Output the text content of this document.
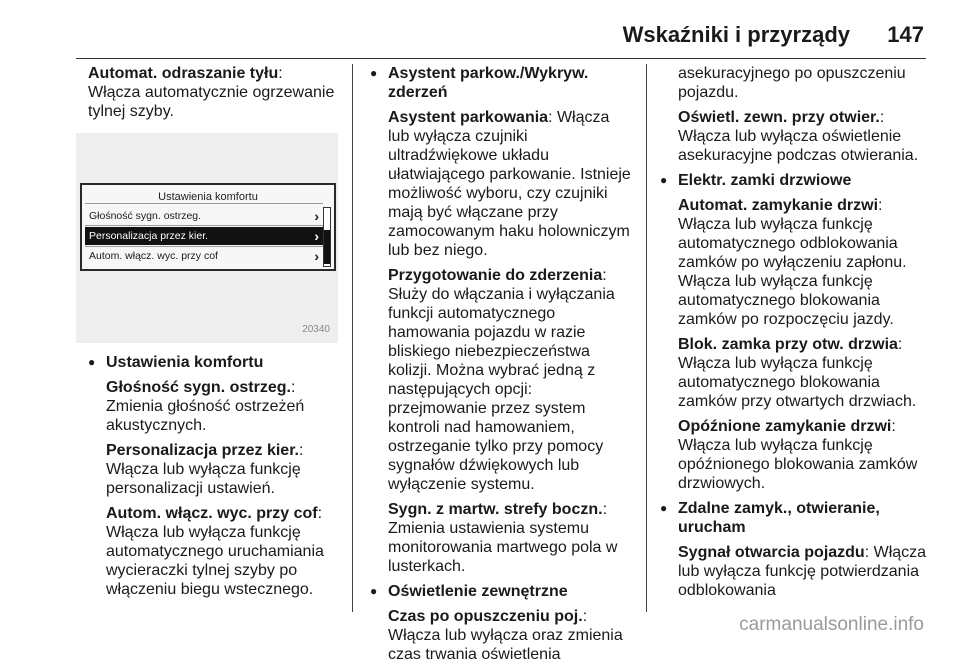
Wskaźniki i przyrządy 147
Automat. odraszanie tyłu:
Włącza automatycznie ogrzewanie tylnej szyby.
Ustawienia komfortu
Głośność sygn. ostrzeg.	›
Personalizacja przez kier.	›
Autom. włącz. wyc. przy cof	›
20340
● Ustawienia komfortu
Głośność sygn. ostrzeg.:
Zmienia głośność ostrzeżeń akustycznych.
Personalizacja przez kier.:
Włącza lub wyłącza funkcję personalizacji ustawień.
Autom. włącz. wyc. przy cof:
Włącza lub wyłącza funkcję automatycznego uruchamiania wycieraczki tylnej szyby po włączeniu biegu wstecznego.
● Asystent parkow./Wykryw. zderzeń
Asystent parkowania: Włącza lub wyłącza czujniki ultradźwiękowe układu ułatwiającego parkowanie. Istnieje możliwość wyboru, czy czujniki mają być włączane przy zamocowanym haku holowniczym lub bez niego.
Przygotowanie do zderzenia:
Służy do włączania i wyłączania funkcji automatycznego hamowania pojazdu w razie bliskiego niebezpieczeństwa kolizji. Można wybrać jedną z następujących opcji: przejmowanie przez system kontroli nad hamowaniem, ostrzeganie tylko przy pomocy sygnałów dźwiękowych lub wyłączenie systemu.
Sygn. z martw. strefy boczn.:
Zmienia ustawienia systemu monitorowania martwego pola w lusterkach.
● Oświetlenie zewnętrzne
Czas po opuszczeniu poj.:
Włącza lub wyłącza oraz zmienia czas trwania oświetlenia
asekuracyjnego po opuszczeniu pojazdu.
Oświetl. zewn. przy otwier.:
Włącza lub wyłącza oświetlenie asekuracyjne podczas otwierania.
● Elektr. zamki drzwiowe
Automat. zamykanie drzwi:
Włącza lub wyłącza funkcję automatycznego odblokowania zamków po wyłączeniu zapłonu. Włącza lub wyłącza funkcję automatycznego blokowania zamków po rozpoczęciu jazdy.
Blok. zamka przy otw. drzwia:
Włącza lub wyłącza funkcję automatycznego blokowania zamków przy otwartych drzwiach.
Opóźnione zamykanie drzwi:
Włącza lub wyłącza funkcję opóźnionego blokowania zamków drzwiowych.
● Zdalne zamyk., otwieranie, urucham
Sygnał otwarcia pojazdu: Włącza lub wyłącza funkcję potwierdzania odblokowania
carmanualsonline.info
